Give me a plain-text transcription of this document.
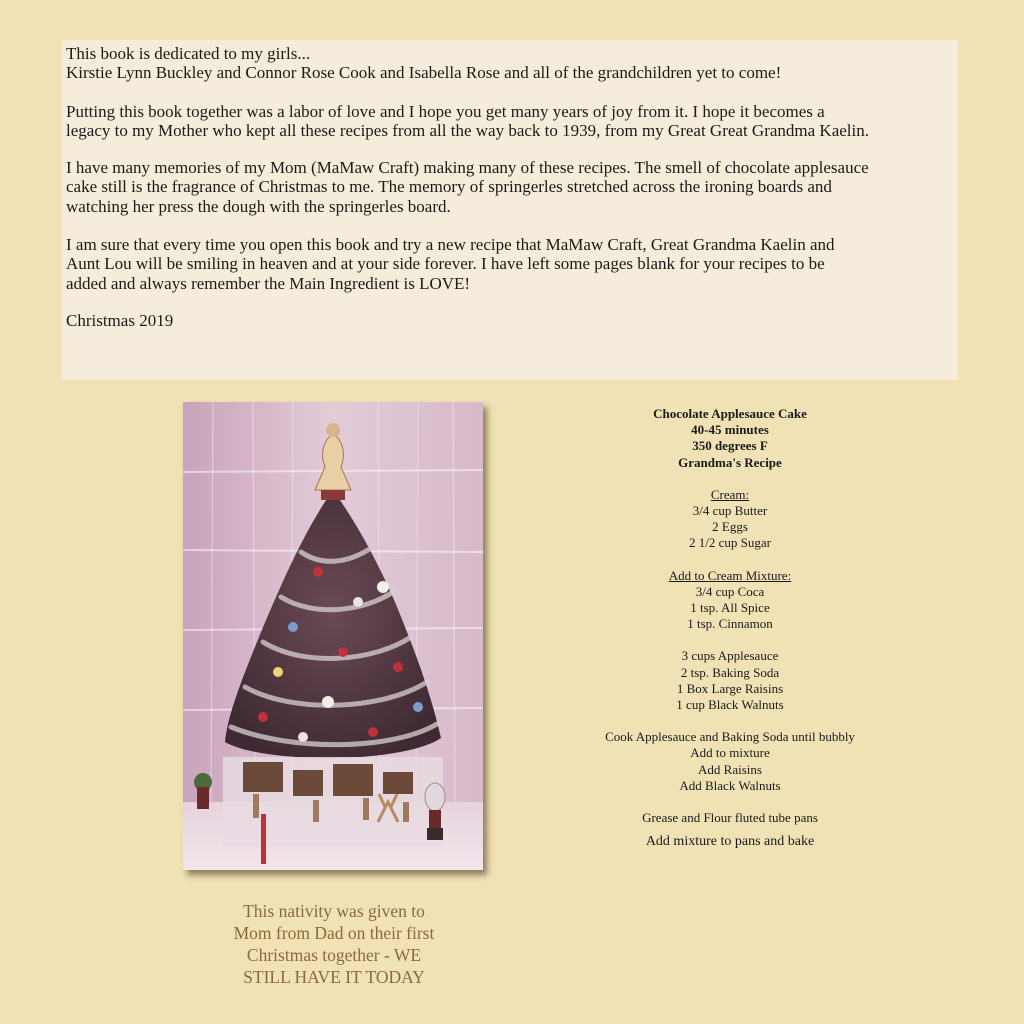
This book is dedicated to my girls...
Kirstie Lynn Buckley and Connor Rose Cook and Isabella Rose and all of the grandchildren yet to come!

Putting this book together was a labor of love and I hope you get many years of joy from it. I hope it becomes a
legacy to my Mother who kept all these recipes from all the way back to 1939, from my Great Great Grandma Kaelin.

I have many memories of my Mom (MaMaw Craft) making many of these recipes. The smell of chocolate applesauce
cake still is the fragrance of Christmas to me. The memory of springerles stretched across the ironing boards and
watching her press the dough with the springerles board.

I am sure that every time you open this book and try a new recipe that MaMaw Craft, Great Grandma Kaelin and
Aunt Lou will be smiling in heaven and at your side forever. I have left some pages blank for your recipes to be
added and always remember the Main Ingredient is LOVE!

Christmas 2019

This nativity was given to
Mom from Dad on their first
Christmas together - WE
STILL HAVE IT TODAY
Chocolate Applesauce Cake
40-45 minutes
350 degrees F
Grandma's Recipe
Cream:
3/4 cup Butter
2 Eggs
2 1/2 cup Sugar
Add to Cream Mixture:
3/4 cup Coca
1 tsp. All Spice
1 tsp. Cinnamon
3 cups Applesauce
2 tsp. Baking Soda
1 Box Large Raisins
1 cup Black Walnuts
Cook Applesauce and Baking Soda until bubbly
Add to mixture
Add Raisins
Add Black Walnuts
Grease and Flour fluted tube pans
Add mixture to pans and bake
